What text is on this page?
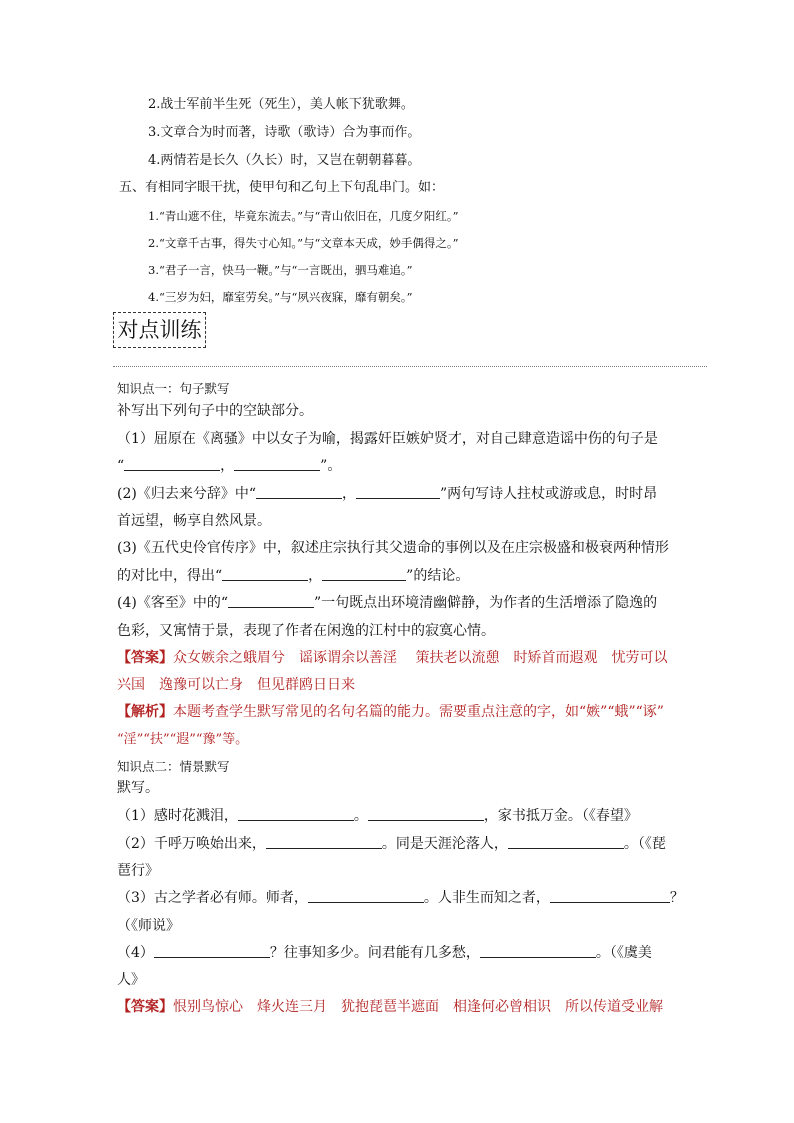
2.战士军前半生死（死生），美人帐下犹歌舞。
3.文章合为时而著，诗歌（歌诗）合为事而作。
4.两情若是长久（久长）时，又岂在朝朝暮暮。
五、有相同字眼干扰，使甲句和乙句上下句乱串门。如：
1.“青山遮不住，毕竟东流去。”与“青山依旧在，几度夕阳红。”
2.“文章千古事，得失寸心知。”与“文章本天成，妙手偶得之。”
3.“君子一言，快马一鞭。”与“一言既出，驷马难追。”
4.“三岁为妇，靡室劳矣。”与“夙兴夜寐，靡有朝矣。”
对点训练
知识点一：句子默写
补写出下列句子中的空缺部分。
（1）屈原在《离骚》中以女子为喻，揭露奸臣嫉妒贤才，对自己肆意造谣中伤的句子是
“	，	”。
(2)《归去来兮辞》中“	，	”两句写诗人拄杖或游或息，时时昂
首远望，畅享自然风景。
(3)《五代史伶官传序》中，叙述庄宗执行其父遗命的事例以及在庄宗极盛和极衰两种情形
的对比中，得出“	，	”的结论。
(4)《客至》中的“	”一句既点出环境清幽僻静，为作者的生活增添了隐逸的
色彩，又寓情于景，表现了作者在闲逸的江村中的寂寞心情。
【答案】众女嫉余之蛾眉兮　谣诼谓余以善淫　 策扶老以流憩　时矫首而遐观　忧劳可以
兴国　逸豫可以亡身　但见群鸥日日来
【解析】本题考查学生默写常见的名句名篇的能力。需要重点注意的字，如“嫉”“蛾”“诼”
“淫”“扶”“遐”“豫”等。
知识点二：情景默写
默写。
（1）感时花溅泪，	。	，家书抵万金。（《春望》
（2）千呼万唤始出来，	。同是天涯沦落人，	。（《琵
琶行》
（3）古之学者必有师。师者，	。人非生而知之者，	？
（《师说》
（4）	？往事知多少。问君能有几多愁，	。（《虞美
人》
【答案】恨别鸟惊心　烽火连三月　犹抱琵琶半遮面　相逢何必曾相识　所以传道受业解
